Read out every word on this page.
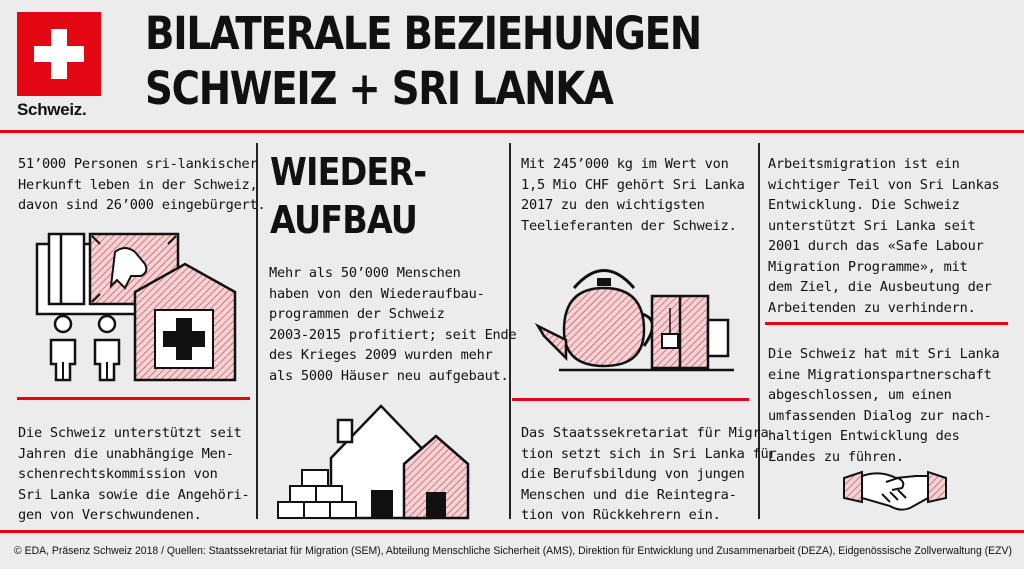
Schweiz.
BILATERALE BEZIEHUNGEN
SCHWEIZ + SRI LANKA
51’000 Personen sri-lankischer
Herkunft leben in der Schweiz,
davon sind 26’000 eingebürgert.
Die Schweiz unterstützt seit
Jahren die unabhängige Men-
schenrechtskommission von
Sri Lanka sowie die Angehöri-
gen von Verschwundenen.
WIEDER-
AUFBAU
Mehr als 50’000 Menschen
haben von den Wiederaufbau-
programmen der Schweiz
2003-2015 profitiert; seit Ende
des Krieges 2009 wurden mehr
als 5000 Häuser neu aufgebaut.
Mit 245’000 kg im Wert von
1,5 Mio CHF gehört Sri Lanka
2017 zu den wichtigsten
Teelieferanten der Schweiz.
Das Staatssekretariat für Migra-
tion setzt sich in Sri Lanka für
die Berufsbildung von jungen
Menschen und die Reintegra-
tion von Rückkehrern ein.
Arbeitsmigration ist ein
wichtiger Teil von Sri Lankas
Entwicklung. Die Schweiz
unterstützt Sri Lanka seit
2001 durch das «Safe Labour
Migration Programme», mit
dem Ziel, die Ausbeutung der
Arbeitenden zu verhindern.
Die Schweiz hat mit Sri Lanka
eine Migrationspartnerschaft
abgeschlossen, um einen
umfassenden Dialog zur nach-
haltigen Entwicklung des
Landes zu führen.
© EDA, Präsenz Schweiz 2018 / Quellen: Staatssekretariat für Migration (SEM), Abteilung Menschliche Sicherheit (AMS), Direktion für Entwicklung und Zusammenarbeit (DEZA), Eidgenössische Zollverwaltung (EZV)
